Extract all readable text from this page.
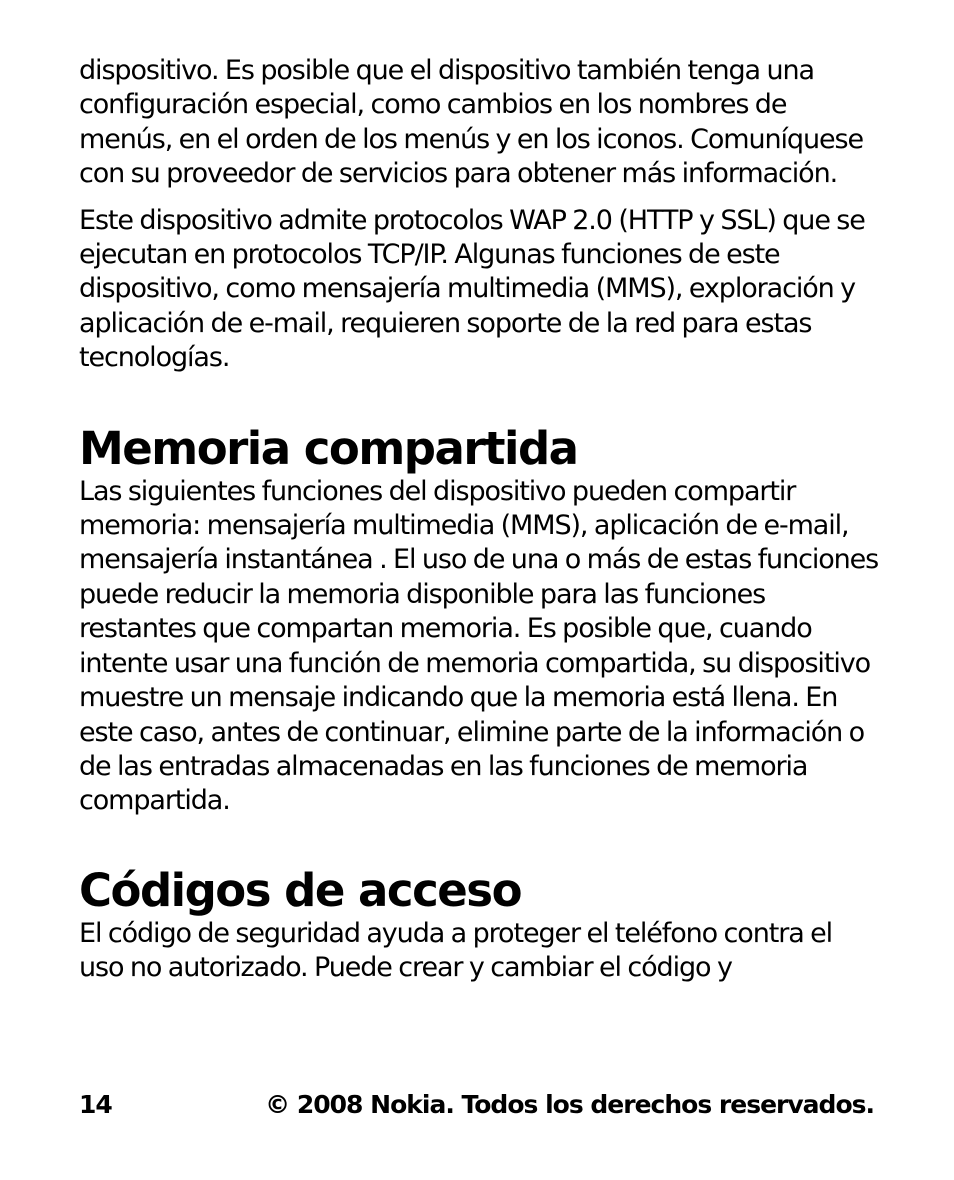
dispositivo. Es posible que el dispositivo también tenga una configuración especial, como cambios en los nombres de menús, en el orden de los menús y en los iconos. Comuníquese con su proveedor de servicios para obtener más información.

Este dispositivo admite protocolos WAP 2.0 (HTTP y SSL) que se ejecutan en protocolos TCP/IP. Algunas funciones de este dispositivo, como mensajería multimedia (MMS), exploración y aplicación de e-mail, requieren soporte de la red para estas tecnologías.

Memoria compartida

Las siguientes funciones del dispositivo pueden compartir memoria: mensajería multimedia (MMS), aplicación de e-mail, mensajería instantánea . El uso de una o más de estas funciones puede reducir la memoria disponible para las funciones restantes que compartan memoria. Es posible que, cuando intente usar una función de memoria compartida, su dispositivo muestre un mensaje indicando que la memoria está llena. En este caso, antes de continuar, elimine parte de la información o de las entradas almacenadas en las funciones de memoria compartida.

Códigos de acceso

El código de seguridad ayuda a proteger el teléfono contra el uso no autorizado. Puede crear y cambiar el código y

14	© 2008 Nokia. Todos los derechos reservados.
